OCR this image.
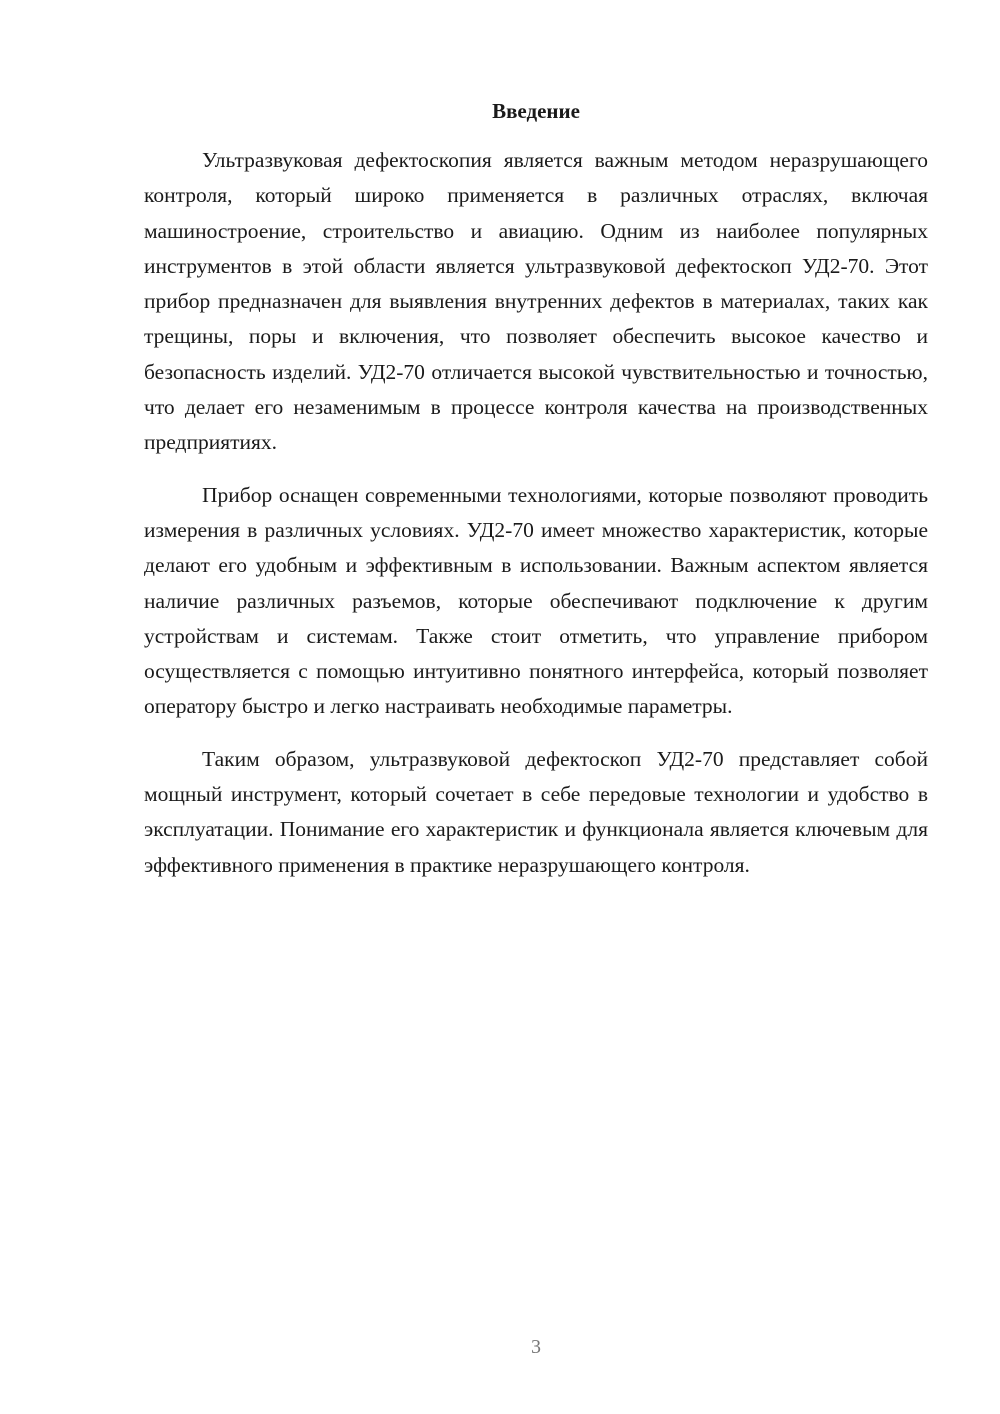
Введение

Ультразвуковая дефектоскопия является важным методом неразрушающего контроля, который широко применяется в различных отраслях, включая машиностроение, строительство и авиацию. Одним из наиболее популярных инструментов в этой области является ультразвуковой дефектоскоп УД2-70. Этот прибор предназначен для выявления внутренних дефектов в материалах, таких как трещины, поры и включения, что позволяет обеспечить высокое качество и безопасность изделий. УД2-70 отличается высокой чувствительностью и точностью, что делает его незаменимым в процессе контроля качества на производственных предприятиях.

Прибор оснащен современными технологиями, которые позволяют проводить измерения в различных условиях. УД2-70 имеет множество характеристик, которые делают его удобным и эффективным в использовании. Важным аспектом является наличие различных разъемов, которые обеспечивают подключение к другим устройствам и системам. Также стоит отметить, что управление прибором осуществляется с помощью интуитивно понятного интерфейса, который позволяет оператору быстро и легко настраивать необходимые параметры.

Таким образом, ультразвуковой дефектоскоп УД2-70 представляет собой мощный инструмент, который сочетает в себе передовые технологии и удобство в эксплуатации. Понимание его характеристик и функционала является ключевым для эффективного применения в практике неразрушающего контроля.

3
